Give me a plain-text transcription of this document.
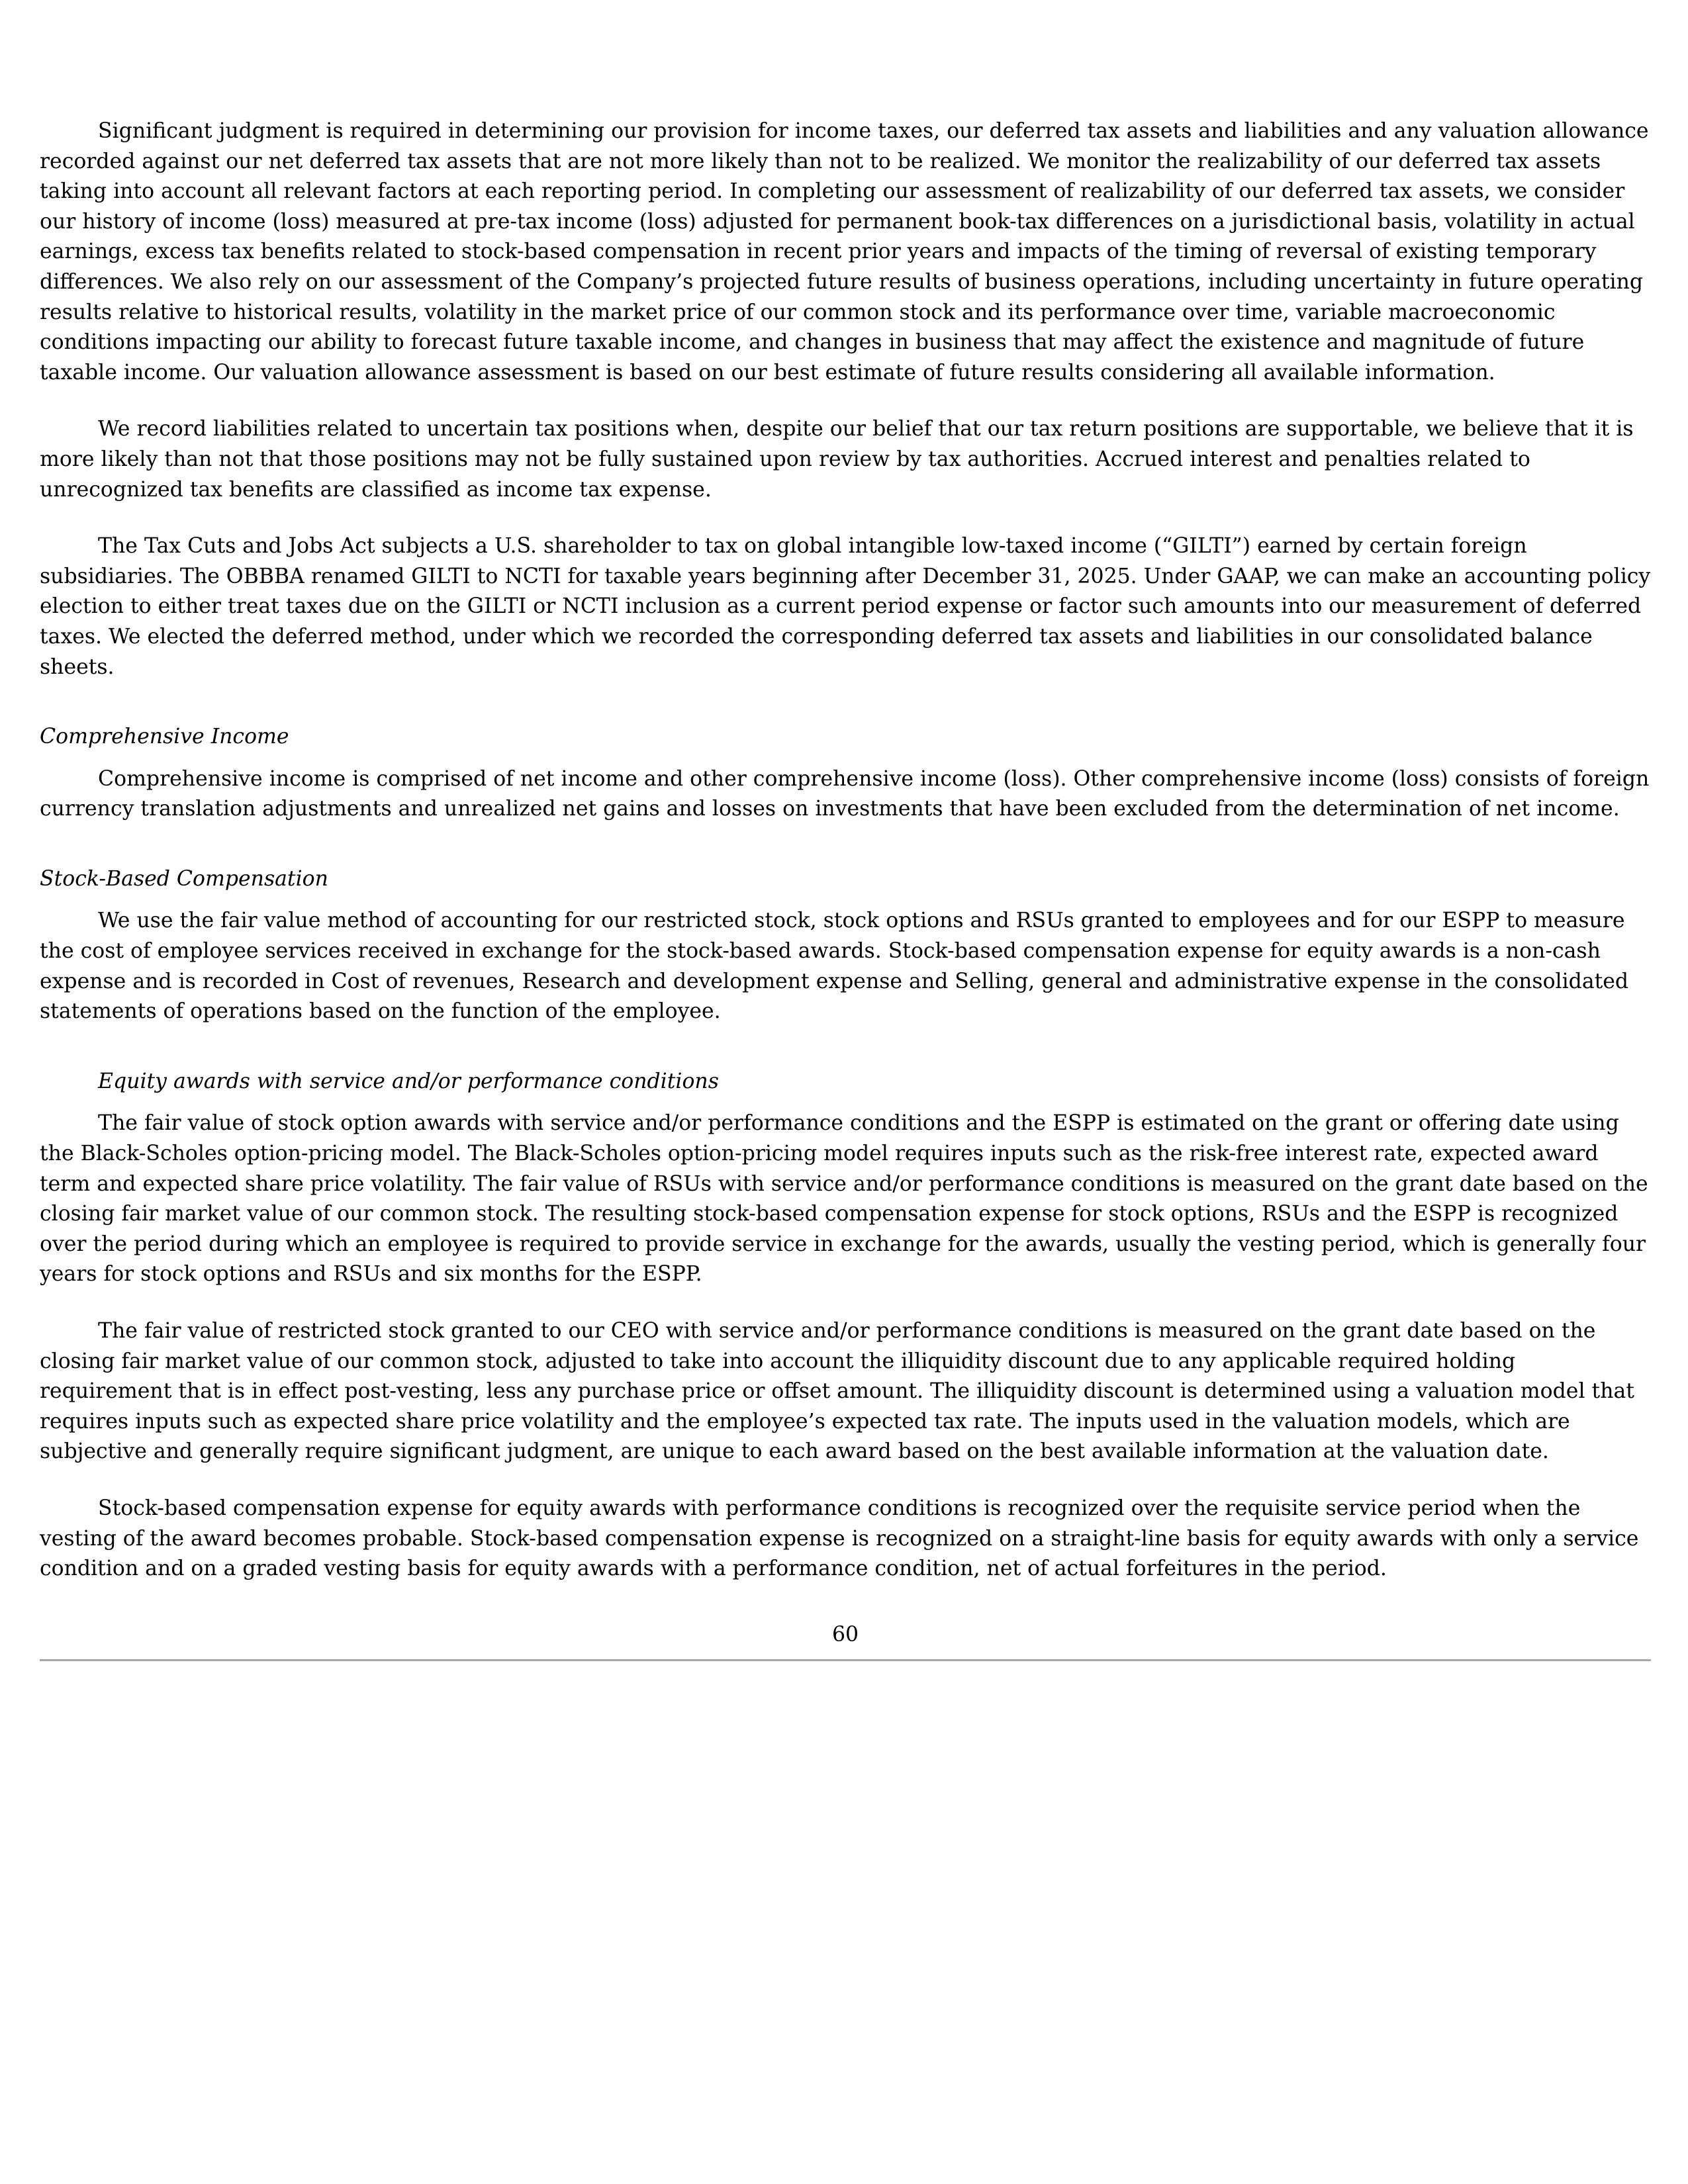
Significant judgment is required in determining our provision for income taxes, our deferred tax assets and liabilities and any valuation allowance recorded against our net deferred tax assets that are not more likely than not to be realized. We monitor the realizability of our deferred tax assets taking into account all relevant factors at each reporting period. In completing our assessment of realizability of our deferred tax assets, we consider our history of income (loss) measured at pre-tax income (loss) adjusted for permanent book-tax differences on a jurisdictional basis, volatility in actual earnings, excess tax benefits related to stock-based compensation in recent prior years and impacts of the timing of reversal of existing temporary differences. We also rely on our assessment of the Company’s projected future results of business operations, including uncertainty in future operating results relative to historical results, volatility in the market price of our common stock and its performance over time, variable macroeconomic conditions impacting our ability to forecast future taxable income, and changes in business that may affect the existence and magnitude of future taxable income. Our valuation allowance assessment is based on our best estimate of future results considering all available information.

We record liabilities related to uncertain tax positions when, despite our belief that our tax return positions are supportable, we believe that it is more likely than not that those positions may not be fully sustained upon review by tax authorities. Accrued interest and penalties related to unrecognized tax benefits are classified as income tax expense.

The Tax Cuts and Jobs Act subjects a U.S. shareholder to tax on global intangible low-taxed income (“GILTI”) earned by certain foreign subsidiaries. The OBBBA renamed GILTI to NCTI for taxable years beginning after December 31, 2025. Under GAAP, we can make an accounting policy election to either treat taxes due on the GILTI or NCTI inclusion as a current period expense or factor such amounts into our measurement of deferred taxes. We elected the deferred method, under which we recorded the corresponding deferred tax assets and liabilities in our consolidated balance sheets.

Comprehensive Income

Comprehensive income is comprised of net income and other comprehensive income (loss). Other comprehensive income (loss) consists of foreign currency translation adjustments and unrealized net gains and losses on investments that have been excluded from the determination of net income.

Stock-Based Compensation

We use the fair value method of accounting for our restricted stock, stock options and RSUs granted to employees and for our ESPP to measure the cost of employee services received in exchange for the stock-based awards. Stock-based compensation expense for equity awards is a non-cash expense and is recorded in Cost of revenues, Research and development expense and Selling, general and administrative expense in the consolidated statements of operations based on the function of the employee.

Equity awards with service and/or performance conditions

The fair value of stock option awards with service and/or performance conditions and the ESPP is estimated on the grant or offering date using the Black-Scholes option-pricing model. The Black-Scholes option-pricing model requires inputs such as the risk-free interest rate, expected award term and expected share price volatility. The fair value of RSUs with service and/or performance conditions is measured on the grant date based on the closing fair market value of our common stock. The resulting stock-based compensation expense for stock options, RSUs and the ESPP is recognized over the period during which an employee is required to provide service in exchange for the awards, usually the vesting period, which is generally four years for stock options and RSUs and six months for the ESPP.

The fair value of restricted stock granted to our CEO with service and/or performance conditions is measured on the grant date based on the closing fair market value of our common stock, adjusted to take into account the illiquidity discount due to any applicable required holding requirement that is in effect post-vesting, less any purchase price or offset amount. The illiquidity discount is determined using a valuation model that requires inputs such as expected share price volatility and the employee’s expected tax rate. The inputs used in the valuation models, which are subjective and generally require significant judgment, are unique to each award based on the best available information at the valuation date.

Stock-based compensation expense for equity awards with performance conditions is recognized over the requisite service period when the vesting of the award becomes probable. Stock-based compensation expense is recognized on a straight-line basis for equity awards with only a service condition and on a graded vesting basis for equity awards with a performance condition, net of actual forfeitures in the period.

60
